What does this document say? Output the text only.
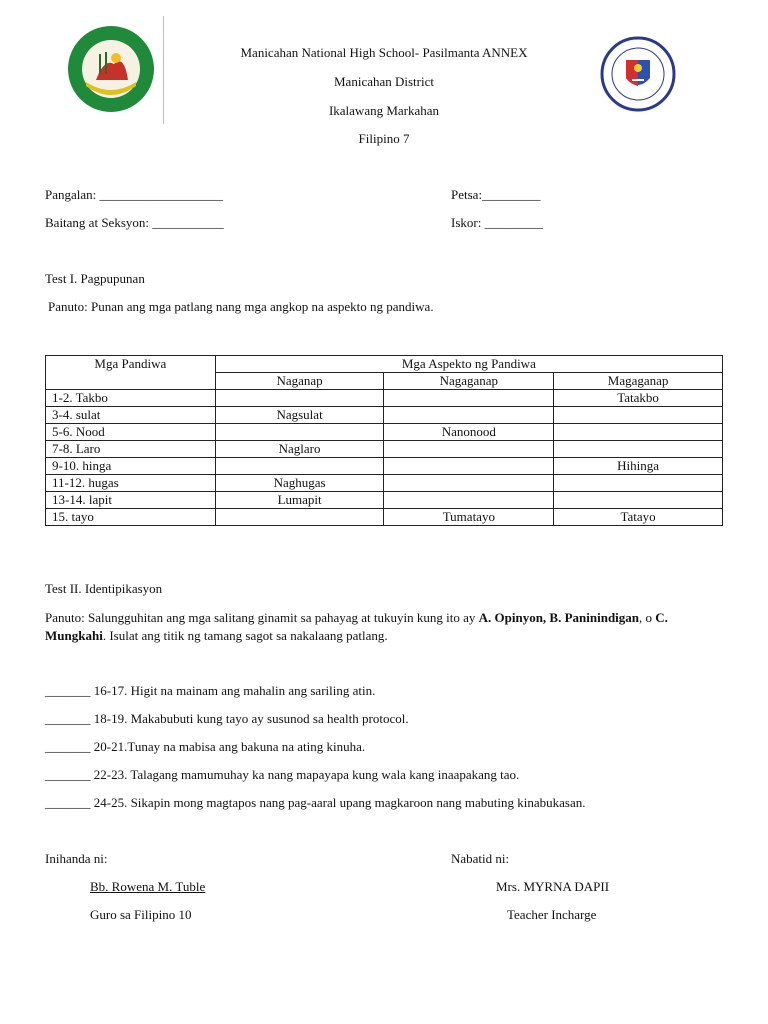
Manicahan National High School- Pasilmanta ANNEX
Manicahan District
Ikalawang Markahan
Filipino 7
Pangalan: ___________________	Petsa:_________
Baitang at Seksyon: ___________	Iskor: _________
Test I. Pagpupunan
Panuto: Punan ang mga patlang nang mga angkop na aspekto ng pandiwa.
Mga Pandiwa	Mga Aspekto ng Pandiwa		
	Naganap	Nagaganap	Magaganap
1-2. Takbo			Tatakbo
3-4. sulat	Nagsulat		
5-6. Nood		Nanonood	
7-8. Laro	Naglaro		
9-10. hinga			Hihinga
11-12. hugas	Naghugas		
13-14. lapit	Lumapit		
15. tayo		Tumatayo	Tatayo
Test II. Identipikasyon
Panuto: Salungguhitan ang mga salitang ginamit sa pahayag at tukuyin kung ito ay A. Opinyon, B. Paninindigan, o C.
Mungkahi. Isulat ang titik ng tamang sagot sa nakalaang patlang.
_______ 16-17. Higit na mainam ang mahalin ang sariling atin.
_______ 18-19. Makabubuti kung tayo ay susunod sa health protocol.
_______ 20-21.Tunay na mabisa ang bakuna na ating kinuha.
_______ 22-23. Talagang mamumuhay ka nang mapayapa kung wala kang inaapakang tao.
_______ 24-25. Sikapin mong magtapos nang pag-aaral upang magkaroon nang mabuting kinabukasan.
Inihanda ni:
Bb. Rowena M. Tuble
Guro sa Filipino 10
Nabatid ni:
Mrs. MYRNA DAPII
Teacher Incharge
